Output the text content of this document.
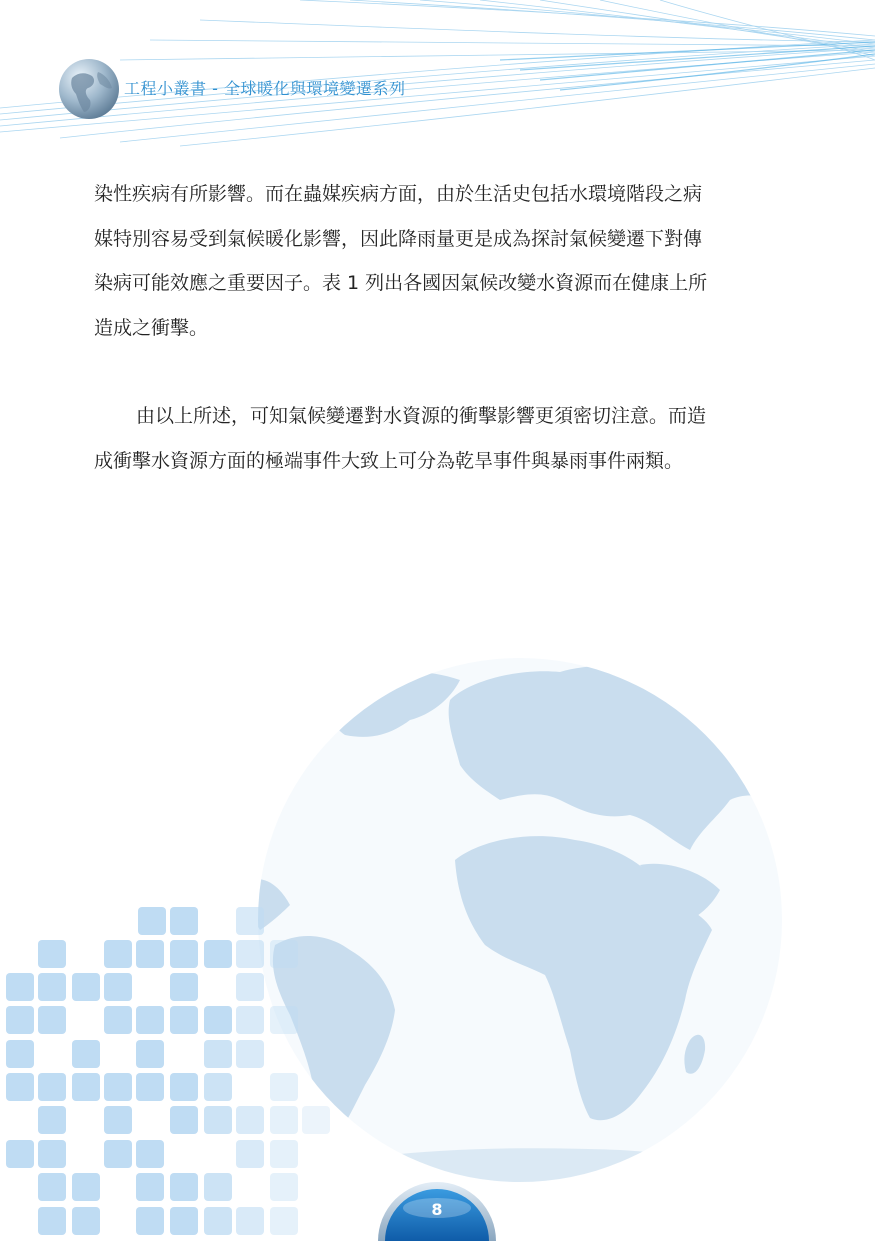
工程小叢書 - 全球暖化與環境變遷系列
染性疾病有所影響。而在蟲媒疾病方面，由於生活史包括水環境階段之病
媒特別容易受到氣候暖化影響，因此降雨量更是成為探討氣候變遷下對傳
染病可能效應之重要因子。表 1 列出各國因氣候改變水資源而在健康上所
造成之衝擊。
由以上所述，可知氣候變遷對水資源的衝擊影響更須密切注意。而造
成衝擊水資源方面的極端事件大致上可分為乾旱事件與暴雨事件兩類。
8
